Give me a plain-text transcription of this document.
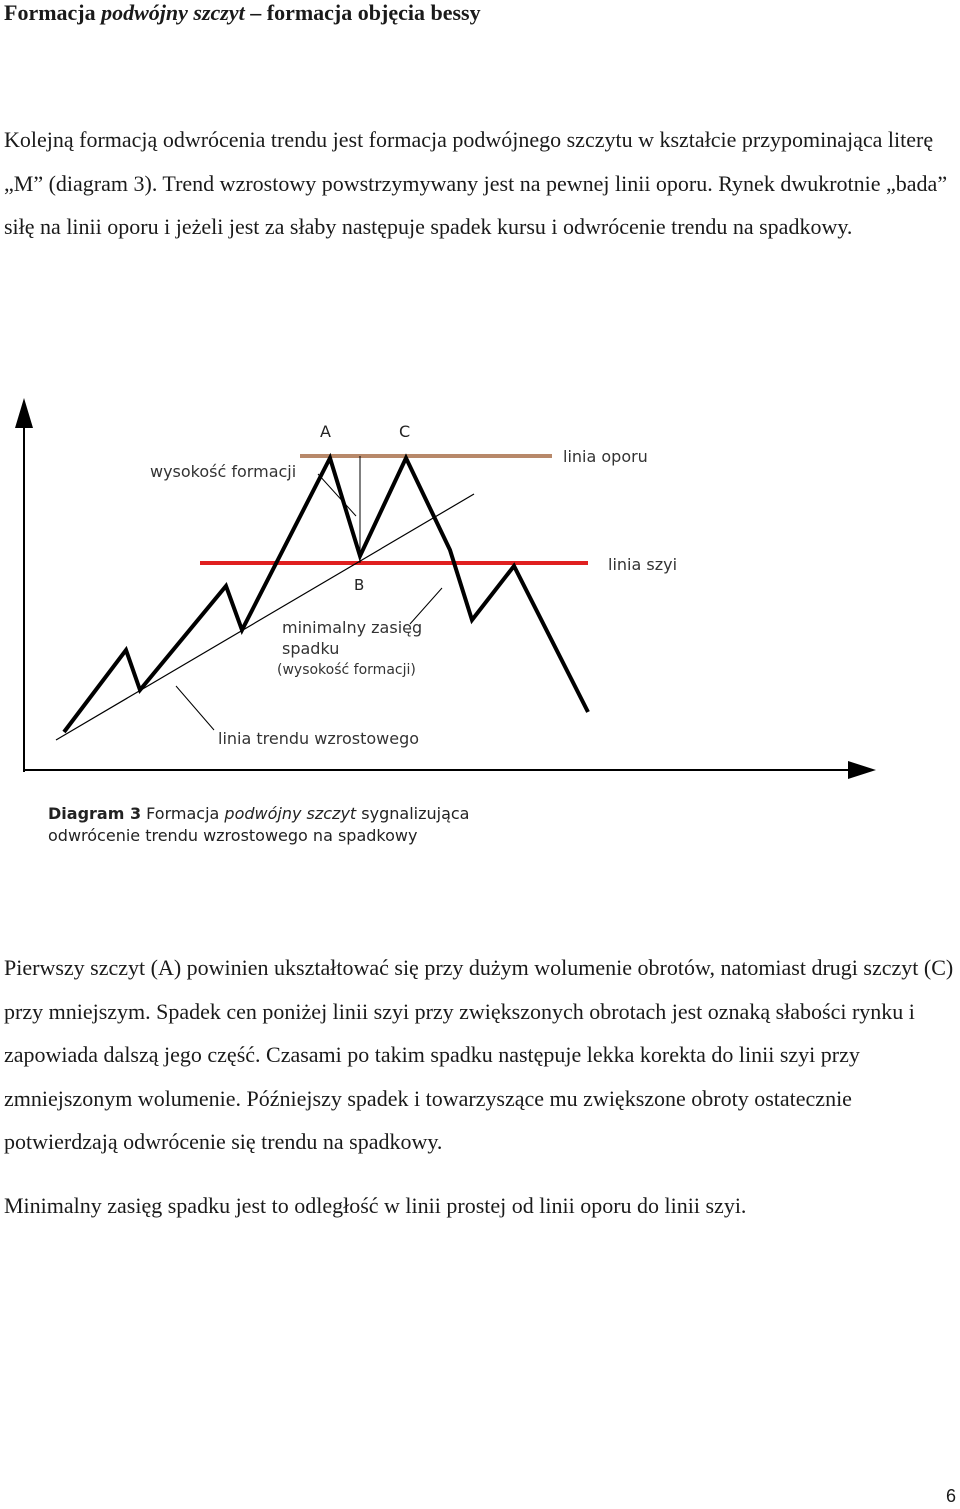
Formacja podwójny szczyt – formacja objęcia bessy

Kolejną formacją odwrócenia trendu jest formacja podwójnego szczytu w kształcie przypominająca literę „M” (diagram 3). Trend wzrostowy powstrzymywany jest na pewnej linii oporu. Rynek dwukrotnie „bada” siłę na linii oporu i jeżeli jest za słaby następuje spadek kursu i odwrócenie trendu na spadkowy.

A	C
B
linia oporu
linia szyi
wysokość formacji
minimalny zasięg
spadku
(wysokość formacji)
linia trendu wzrostowego
Diagram 3 Formacja podwójny szczyt sygnalizująca
odwrócenie trendu wzrostowego na spadkowy

Pierwszy szczyt (A) powinien ukształtować się przy dużym wolumenie obrotów, natomiast drugi szczyt (C) przy mniejszym. Spadek cen poniżej linii szyi przy zwiększonych obrotach jest oznaką słabości rynku i zapowiada dalszą jego część. Czasami po takim spadku następuje lekka korekta do linii szyi przy zmniejszonym wolumenie. Późniejszy spadek i towarzyszące mu zwiększone obroty ostatecznie potwierdzają odwrócenie się trendu na spadkowy.

Minimalny zasięg spadku jest to odległość w linii prostej od linii oporu do linii szyi.

6
